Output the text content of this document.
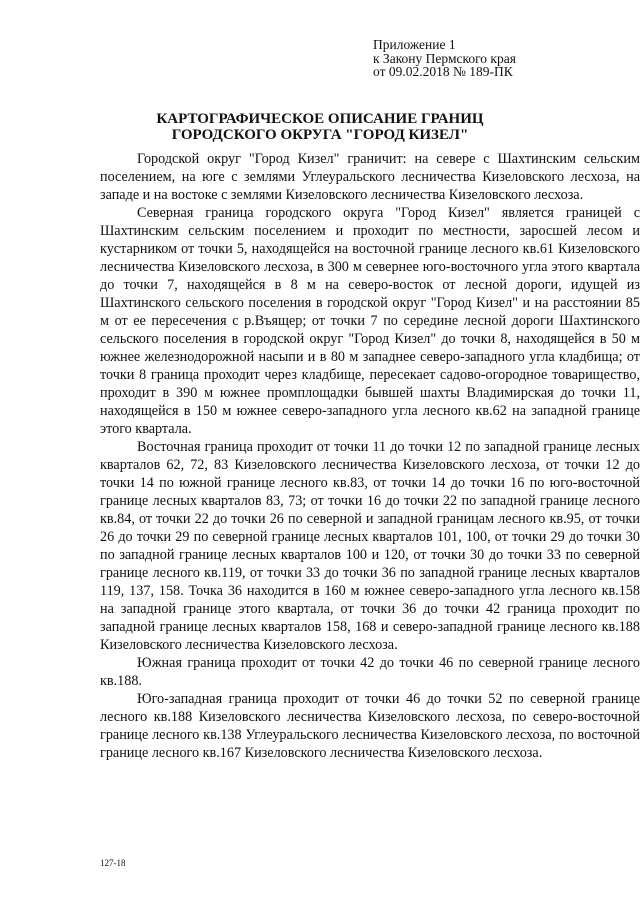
Приложение 1
к Закону Пермского края
от 09.02.2018 № 189-ПК
КАРТОГРАФИЧЕСКОЕ ОПИСАНИЕ ГРАНИЦ
ГОРОДСКОГО ОКРУГА "ГОРОД КИЗЕЛ"

Городской округ "Город Кизел" граничит: на севере с Шахтинским сельским поселением, на юге с землями Углеуральского лесничества Кизеловского лесхоза, на западе и на востоке с землями Кизеловского лесничества Кизеловского лесхоза.

Северная граница городского округа "Город Кизел" является границей с Шахтинским сельским поселением и проходит по местности, заросшей лесом и кустарником от точки 5, находящейся на восточной границе лесного кв.61 Кизеловского лесничества Кизеловского лесхоза, в 300 м севернее юго-восточного угла этого квартала до точки 7, находящейся в 8 м на северо-восток от лесной дороги, идущей из Шахтинского сельского поселения в городской округ "Город Кизел" и на расстоянии 85 м от ее пересечения с р.Въящер; от точки 7 по середине лесной дороги Шахтинского сельского поселения в городской округ "Город Кизел" до точки 8, находящейся в 50 м южнее железнодорожной насыпи и в 80 м западнее северо-западного угла кладбища; от точки 8 граница проходит через кладбище, пересекает садово-огородное товарищество, проходит в 390 м южнее промплощадки бывшей шахты Владимирская до точки 11, находящейся в 150 м южнее северо-западного угла лесного кв.62 на западной границе этого квартала.

Восточная граница проходит от точки 11 до точки 12 по западной границе лесных кварталов 62, 72, 83 Кизеловского лесничества Кизеловского лесхоза, от точки 12 до точки 14 по южной границе лесного кв.83, от точки 14 до точки 16 по юго-восточной границе лесных кварталов 83, 73; от точки 16 до точки 22 по западной границе лесного кв.84, от точки 22 до точки 26 по северной и западной границам лесного кв.95, от точки 26 до точки 29 по северной границе лесных кварталов 101, 100, от точки 29 до точки 30 по западной границе лесных кварталов 100 и 120, от точки 30 до точки 33 по северной границе лесного кв.119, от точки 33 до точки 36 по западной границе лесных кварталов 119, 137, 158. Точка 36 находится в 160 м южнее северо-западного угла лесного кв.158 на западной границе этого квартала, от точки 36 до точки 42 граница проходит по западной границе лесных кварталов 158, 168 и северо-западной границе лесного кв.188 Кизеловского лесничества Кизеловского лесхоза.

Южная граница проходит от точки 42 до точки 46 по северной границе лесного кв.188.

Юго-западная граница проходит от точки 46 до точки 52 по северной границе лесного кв.188 Кизеловского лесничества Кизеловского лесхоза, по северо-восточной границе лесного кв.138 Углеуральского лесничества Кизеловского лесхоза, по восточной границе лесного кв.167 Кизеловского лесничества Кизеловского лесхоза.

127-18
